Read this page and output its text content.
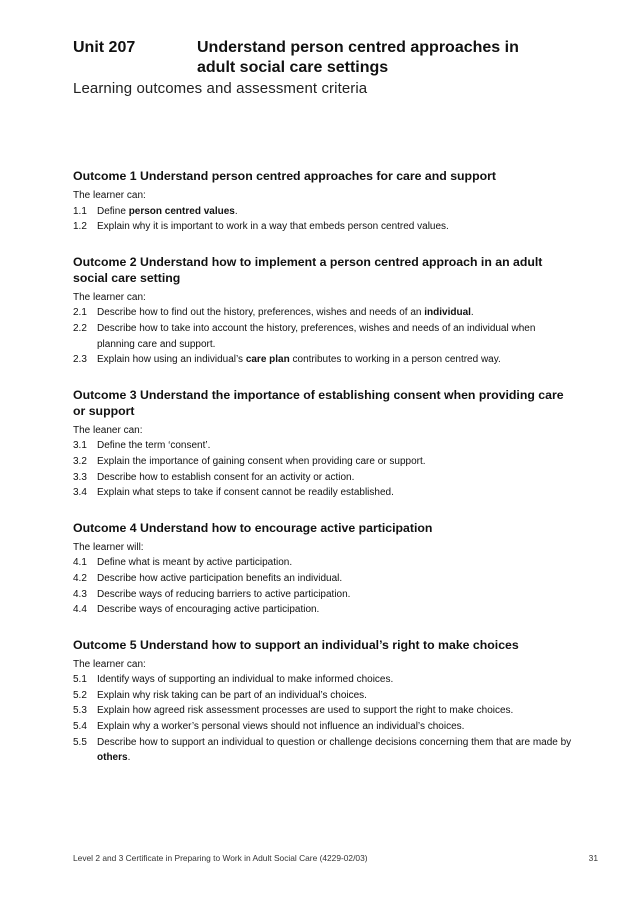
Unit 207	Understand person centred approaches in
adult social care settings
Learning outcomes and assessment criteria
Outcome 1 Understand person centred approaches for care and support
The learner can:
1.1	Define person centred values.
1.2	Explain why it is important to work in a way that embeds person centred values.
Outcome 2 Understand how to implement a person centred approach in an adult social care setting
The learner can:
2.1	Describe how to find out the history, preferences, wishes and needs of an individual.
2.2	Describe how to take into account the history, preferences, wishes and needs of an individual when planning care and support.
2.3	Explain how using an individual’s care plan contributes to working in a person centred way.
Outcome 3 Understand the importance of establishing consent when providing care or support
The leaner can:
3.1	Define the term ‘consent’.
3.2	Explain the importance of gaining consent when providing care or support.
3.3	Describe how to establish consent for an activity or action.
3.4	Explain what steps to take if consent cannot be readily established.
Outcome 4 Understand how to encourage active participation
The learner will:
4.1	Define what is meant by active participation.
4.2	Describe how active participation benefits an individual.
4.3	Describe ways of reducing barriers to active participation.
4.4	Describe ways of encouraging active participation.
Outcome 5 Understand how to support an individual’s right to make choices
The learner can:
5.1	Identify ways of supporting an individual to make informed choices.
5.2	Explain why risk taking can be part of an individual’s choices.
5.3	Explain how agreed risk assessment processes are used to support the right to make choices.
5.4	Explain why a worker’s personal views should not influence an individual’s choices.
5.5	Describe how to support an individual to question or challenge decisions concerning them that are made by others.
Level 2 and 3 Certificate in Preparing to Work in Adult Social Care (4229-02/03)	31
